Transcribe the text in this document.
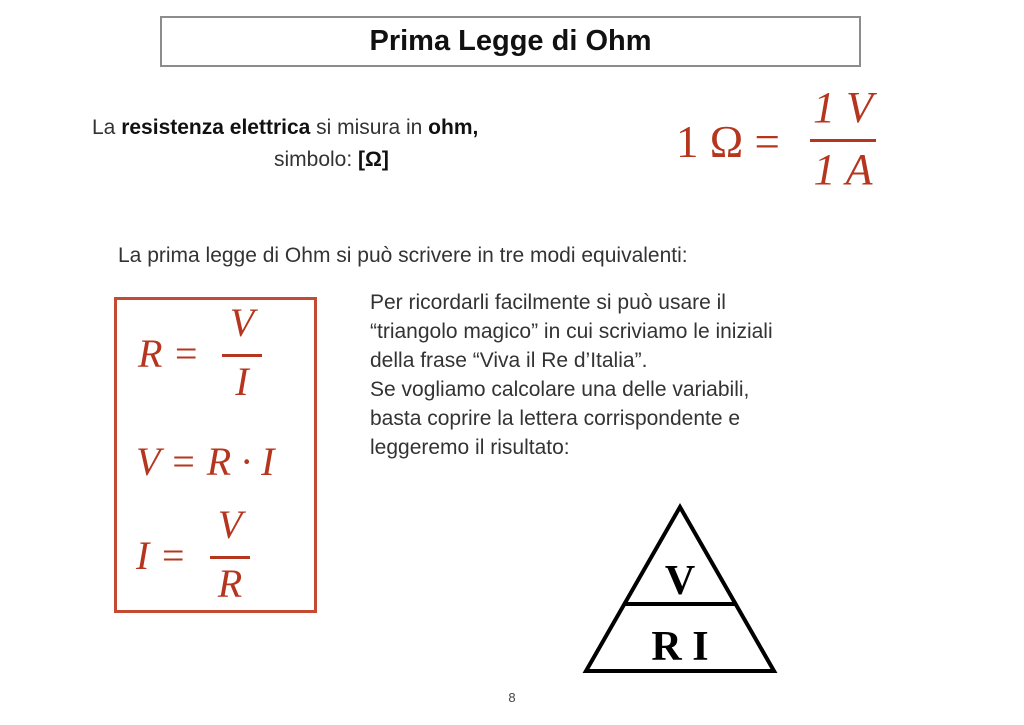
Prima Legge di Ohm
La resistenza elettrica si misura in ohm,
simbolo: [Ω]	1 Ω =
1 V
1 A
La prima legge di Ohm si può scrivere in tre modi equivalenti:
R =
V
I
V = R · I
I =
V
R
Per ricordarli facilmente si può usare il
“triangolo magico” in cui scriviamo le iniziali
della frase “Viva il Re d’Italia”.
Se vogliamo calcolare una delle variabili,
basta coprire la lettera corrispondente e
leggeremo il risultato:
V
R I
8
